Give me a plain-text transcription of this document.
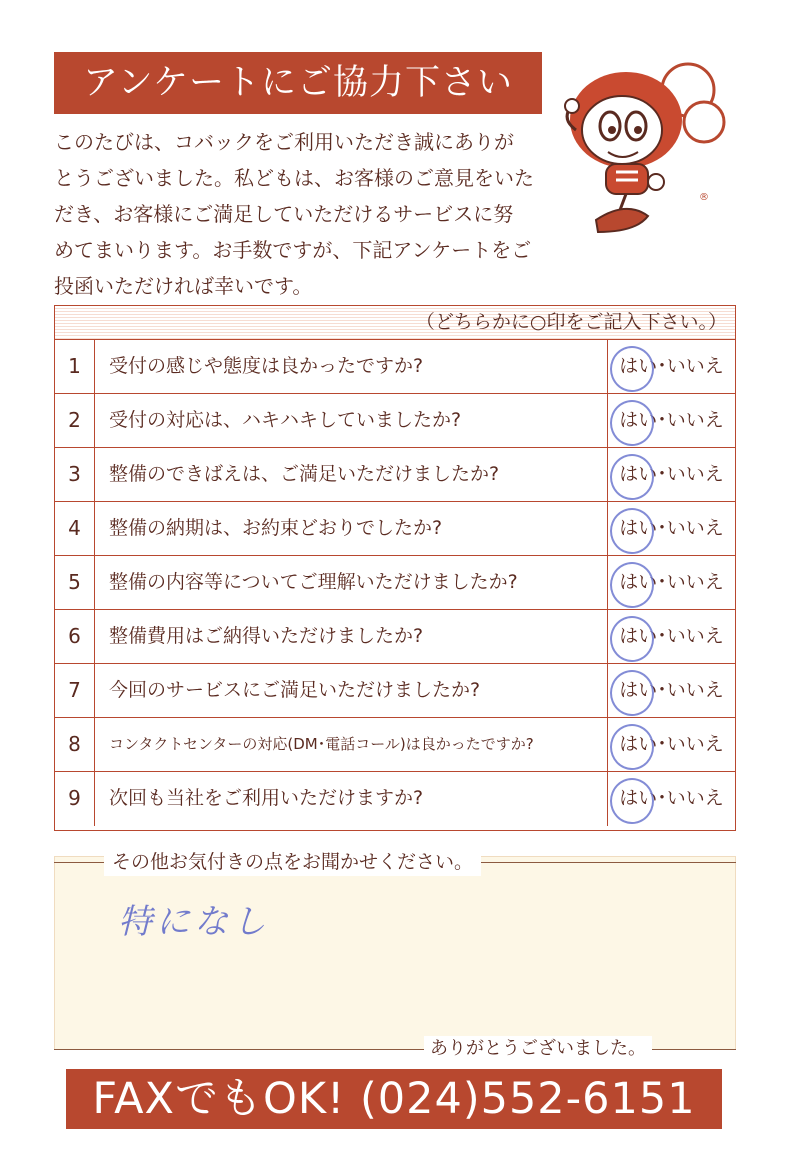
アンケートにご協力下さい
このたびは、コバックをご利用いただき誠にありが
とうございました。私どもは、お客様のご意見をいた
だき、お客様にご満足していただけるサービスに努
めてまいります。お手数ですが、下記アンケートをご
投函いただければ幸いです。
®
（どちらかに○印をご記入下さい。）
1	受付の感じや態度は良かったですか?	はい･いいえ
2	受付の対応は、ハキハキしていましたか?	はい･いいえ
3	整備のできばえは、ご満足いただけましたか?	はい･いいえ
4	整備の納期は、お約束どおりでしたか?	はい･いいえ
5	整備の内容等についてご理解いただけましたか?	はい･いいえ
6	整備費用はご納得いただけましたか?	はい･いいえ
7	今回のサービスにご満足いただけましたか?	はい･いいえ
8	コンタクトセンターの対応(DM･電話コール)は良かったですか?	はい･いいえ
9	次回も当社をご利用いただけますか?	はい･いいえ
その他お気付きの点をお聞かせください。
特になし
ありがとうございました。
FAXでもOK! (024)552-6151
